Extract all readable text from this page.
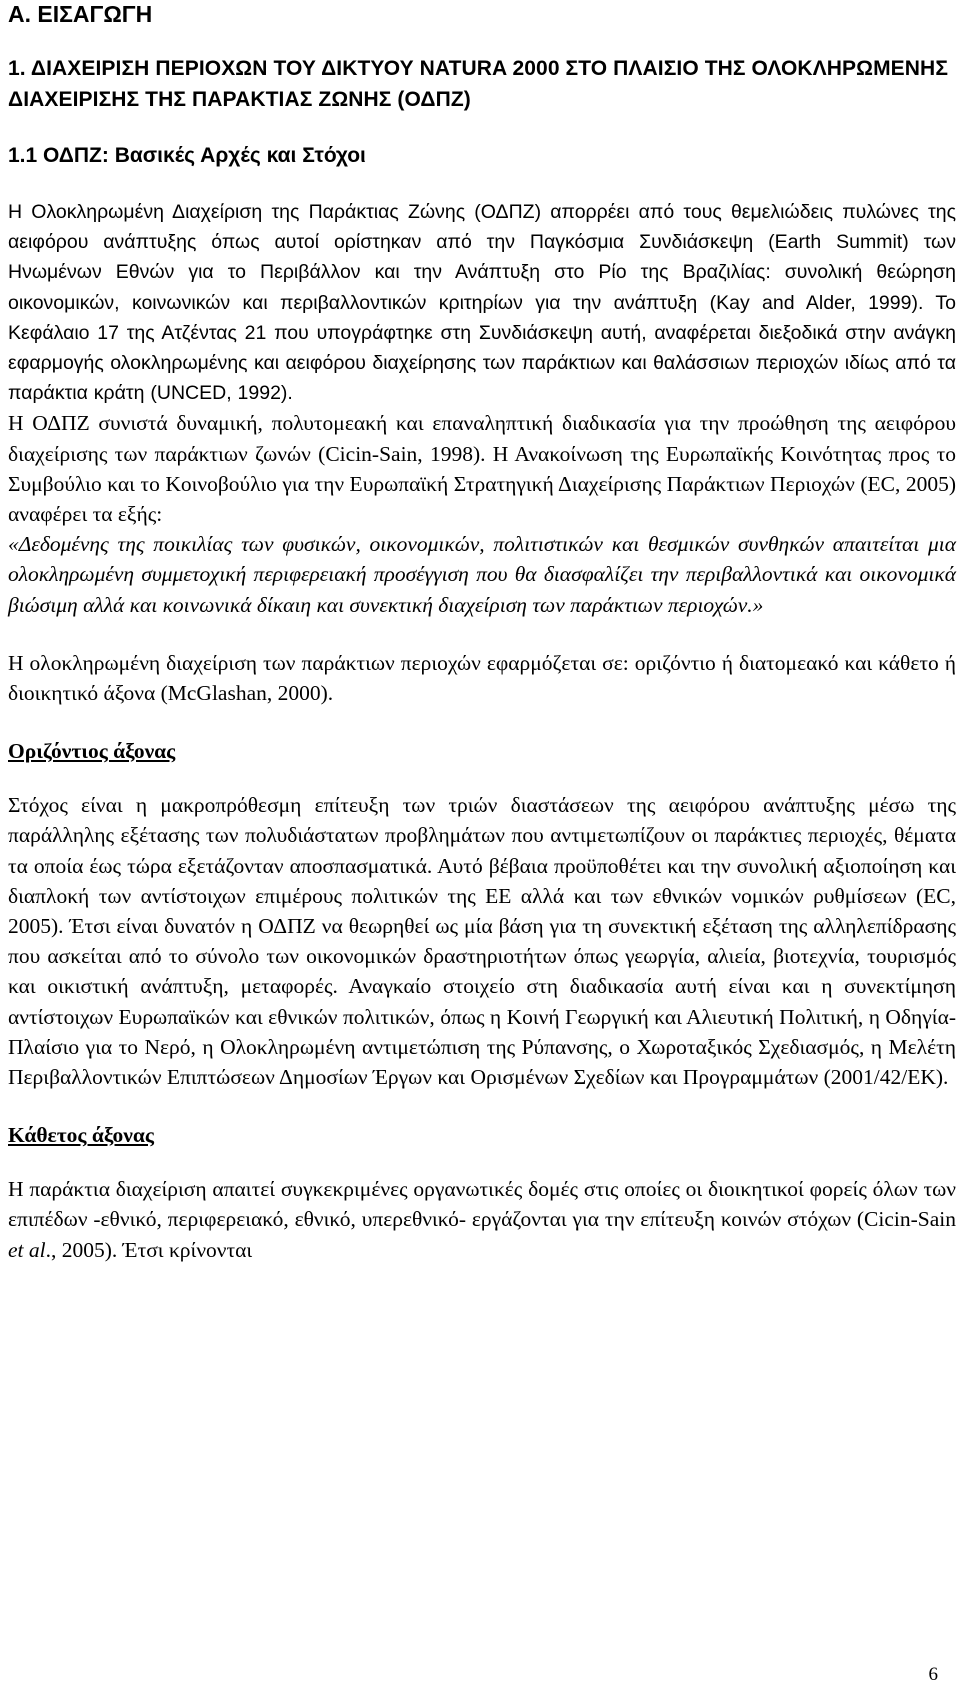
Α. ΕΙΣΑΓΩΓΗ
1. ΔΙΑΧΕΙΡΙΣΗ ΠΕΡΙΟΧΩΝ ΤΟΥ ΔΙΚΤΥΟΥ NATURA 2000 ΣΤΟ ΠΛΑΙΣΙΟ ΤΗΣ ΟΛΟΚΛΗΡΩΜΕΝΗΣ ΔΙΑΧΕΙΡΙΣΗΣ ΤΗΣ ΠΑΡΑΚΤΙΑΣ ΖΩΝΗΣ (ΟΔΠΖ)
1.1 ΟΔΠΖ: Βασικές Αρχές και Στόχοι

Η Ολοκληρωμένη Διαχείριση της Παράκτιας Ζώνης (ΟΔΠΖ) απορρέει από τους θεμελιώδεις πυλώνες της αειφόρου ανάπτυξης όπως αυτοί ορίστηκαν από την Παγκόσμια Συνδιάσκεψη (Earth Summit) των Ηνωμένων Εθνών για το Περιβάλλον και την Ανάπτυξη στο Ρίο της Βραζιλίας: συνολική θεώρηση οικονομικών, κοινωνικών και περιβαλλοντικών κριτηρίων για την ανάπτυξη (Kay and Alder, 1999). Το Κεφάλαιο 17 της Ατζέντας 21 που υπογράφτηκε στη Συνδιάσκεψη αυτή, αναφέρεται διεξοδικά στην ανάγκη εφαρμογής ολοκληρωμένης και αειφόρου διαχείρησης των παράκτιων και θαλάσσιων περιοχών ιδίως από τα παράκτια κράτη (UNCED, 1992).

Η ΟΔΠΖ συνιστά δυναμική, πολυτομεακή και επαναληπτική διαδικασία για την προώθηση της αειφόρου διαχείρισης των παράκτιων ζωνών (Cicin-Sain, 1998). Η Ανακοίνωση της Ευρωπαϊκής Κοινότητας προς το Συμβούλιο και το Κοινοβούλιο για την Ευρωπαϊκή Στρατηγική Διαχείρισης Παράκτιων Περιοχών (EC, 2005) αναφέρει τα εξής:

«Δεδομένης της ποικιλίας των φυσικών, οικονομικών, πολιτιστικών και θεσμικών συνθηκών απαιτείται μια ολοκληρωμένη συμμετοχική περιφερειακή προσέγγιση που θα διασφαλίζει την περιβαλλοντικά και οικονομικά βιώσιμη αλλά και κοινωνικά δίκαιη και συνεκτική διαχείριση των παράκτιων περιοχών.»

Η ολοκληρωμένη διαχείριση των παράκτιων περιοχών εφαρμόζεται σε: οριζόντιο ή διατομεακό και κάθετο ή διοικητικό άξονα (McGlashan, 2000).

Οριζόντιος άξονας

Στόχος είναι η μακροπρόθεσμη επίτευξη των τριών διαστάσεων της αειφόρου ανάπτυξης μέσω της παράλληλης εξέτασης των πολυδιάστατων προβλημάτων που αντιμετωπίζουν οι παράκτιες περιοχές, θέματα τα οποία έως τώρα εξετάζονταν αποσπασματικά. Αυτό βέβαια προϋποθέτει και την συνολική αξιοποίηση και διαπλοκή των αντίστοιχων επιμέρους πολιτικών της ΕΕ αλλά και των εθνικών νομικών ρυθμίσεων (EC, 2005). Έτσι είναι δυνατόν η ΟΔΠΖ να θεωρηθεί ως μία βάση για τη συνεκτική εξέταση της αλληλεπίδρασης που ασκείται από το σύνολο των οικονομικών δραστηριοτήτων όπως γεωργία, αλιεία, βιοτεχνία, τουρισμός και οικιστική ανάπτυξη, μεταφορές. Αναγκαίο στοιχείο στη διαδικασία αυτή είναι και η συνεκτίμηση αντίστοιχων Ευρωπαϊκών και εθνικών πολιτικών, όπως η Κοινή Γεωργική και Αλιευτική Πολιτική, η Οδηγία-Πλαίσιο για το Νερό, η Ολοκληρωμένη αντιμετώπιση της Ρύπανσης, ο Χωροταξικός Σχεδιασμός, η Μελέτη Περιβαλλοντικών Επιπτώσεων Δημοσίων Έργων και Ορισμένων Σχεδίων και Προγραμμάτων (2001/42/ΕΚ).

Κάθετος άξονας

Η παράκτια διαχείριση απαιτεί συγκεκριμένες οργανωτικές δομές στις οποίες οι διοικητικοί φορείς όλων των επιπέδων -εθνικό, περιφερειακό, εθνικό, υπερεθνικό- εργάζονται για την επίτευξη κοινών στόχων (Cicin-Sain et al., 2005). Έτσι κρίνονται

6
